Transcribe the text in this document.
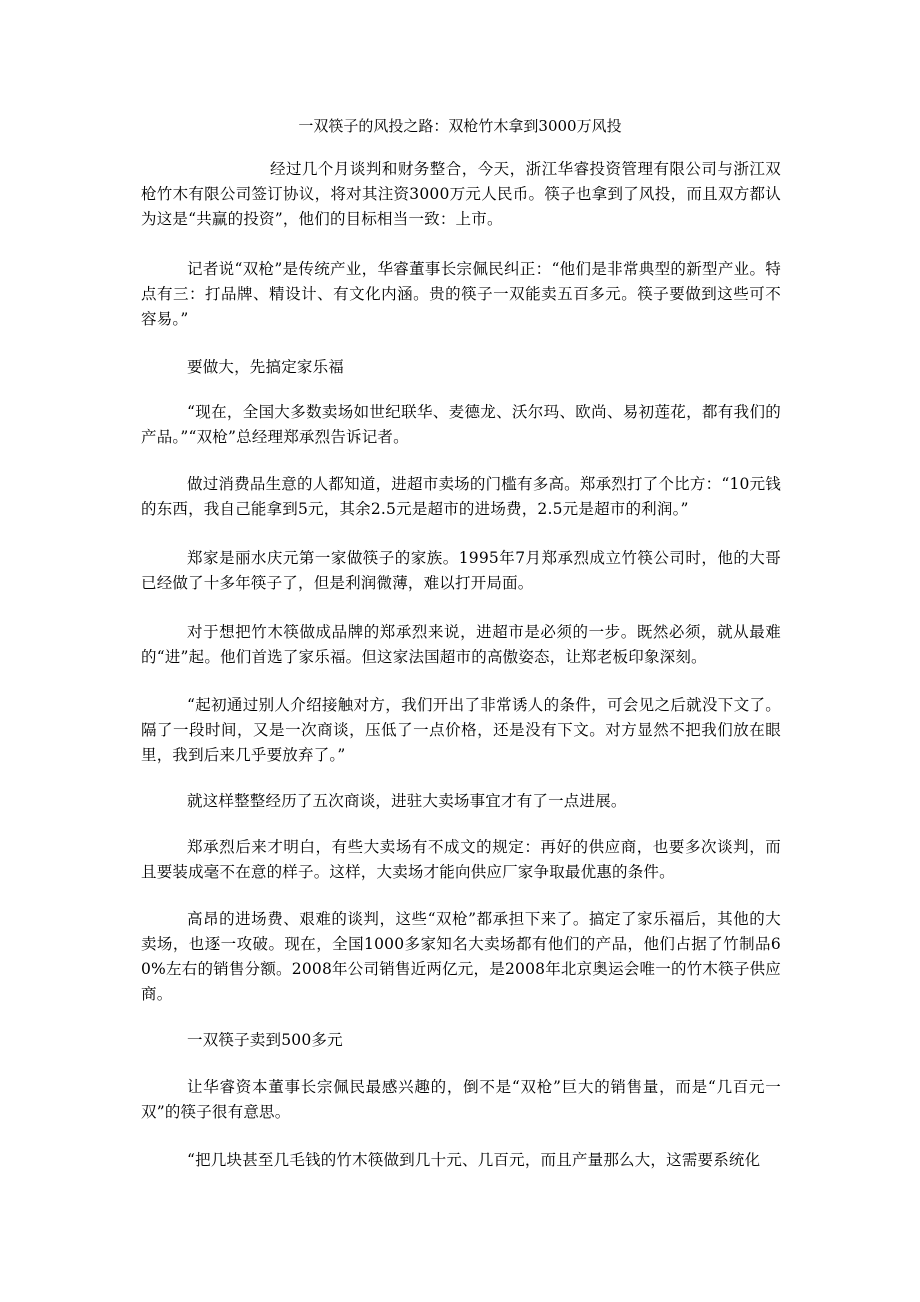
一双筷子的风投之路：双枪竹木拿到3000万风投

经过几个月谈判和财务整合，今天，浙江华睿投资管理有限公司与浙江双枪竹木有限公司签订协议，将对其注资3000万元人民币。筷子也拿到了风投，而且双方都认为这是“共赢的投资”，他们的目标相当一致：上市。

记者说“双枪”是传统产业，华睿董事长宗佩民纠正：“他们是非常典型的新型产业。特点有三：打品牌、精设计、有文化内涵。贵的筷子一双能卖五百多元。筷子要做到这些可不容易。”

要做大，先搞定家乐福

“现在，全国大多数卖场如世纪联华、麦德龙、沃尔玛、欧尚、易初莲花，都有我们的产品。”“双枪”总经理郑承烈告诉记者。

做过消费品生意的人都知道，进超市卖场的门槛有多高。郑承烈打了个比方：“10元钱的东西，我自己能拿到5元，其余2.5元是超市的进场费，2.5元是超市的利润。”

郑家是丽水庆元第一家做筷子的家族。1995年7月郑承烈成立竹筷公司时，他的大哥已经做了十多年筷子了，但是利润微薄，难以打开局面。

对于想把竹木筷做成品牌的郑承烈来说，进超市是必须的一步。既然必须，就从最难的“进”起。他们首选了家乐福。但这家法国超市的高傲姿态，让郑老板印象深刻。

“起初通过别人介绍接触对方，我们开出了非常诱人的条件，可会见之后就没下文了。隔了一段时间，又是一次商谈，压低了一点价格，还是没有下文。对方显然不把我们放在眼里，我到后来几乎要放弃了。”

就这样整整经历了五次商谈，进驻大卖场事宜才有了一点进展。

郑承烈后来才明白，有些大卖场有不成文的规定：再好的供应商，也要多次谈判，而且要装成毫不在意的样子。这样，大卖场才能向供应厂家争取最优惠的条件。

高昂的进场费、艰难的谈判，这些“双枪”都承担下来了。搞定了家乐福后，其他的大卖场，也逐一攻破。现在，全国1000多家知名大卖场都有他们的产品，他们占据了竹制品60%左右的销售分额。2008年公司销售近两亿元，是2008年北京奥运会唯一的竹木筷子供应商。

一双筷子卖到500多元

让华睿资本董事长宗佩民最感兴趣的，倒不是“双枪”巨大的销售量，而是“几百元一双”的筷子很有意思。

“把几块甚至几毛钱的竹木筷做到几十元、几百元，而且产量那么大，这需要系统化
